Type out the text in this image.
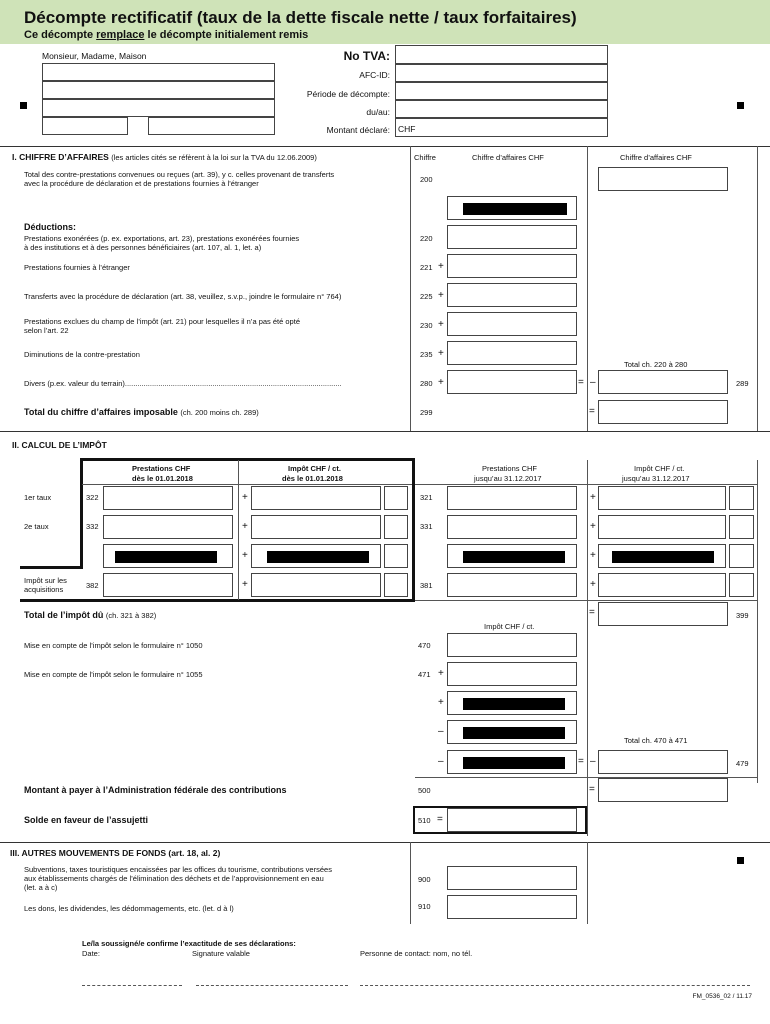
Décompte rectificatif (taux de la dette fiscale nette / taux forfaitaires)
Ce décompte remplace le décompte initialement remis
Monsieur, Madame, Maison	No TVA:
AFC-ID:
Période de décompte:
du/au:
Montant déclaré: CHF
I. CHIFFRE D’AFFAIRES (les articles cités se réfèrent à la loi sur la TVA du 12.06.2009)	Chiffre	Chiffre d’affaires CHF	Chiffre d’affaires CHF
Total des contre-prestations convenues ou reçues (art. 39), y c. celles provenant de transferts
avec la procédure de déclaration et de prestations fournies à l’étranger	200
Déductions:
Prestations exonérées (p. ex. exportations, art. 23), prestations exonérées fournies
à des institutions et à des personnes bénéficiaires (art. 107, al. 1, let. a)
220
Prestations fournies à l’étranger	221 +
Transferts avec la procédure de déclaration (art. 38, veuillez, s.v.p., joindre le formulaire n° 764)	225 +
Prestations exclues du champ de l’impôt (art. 21) pour lesquelles il n’a pas été opté
selon l’art. 22
230 +
Diminutions de la contre-prestation	235 +
Total ch. 220 à 280
Divers (p.ex. valeur du terrain)........................................................................................................	280 +	= –	289
Total du chiffre d’affaires imposable (ch. 200 moins ch. 289)	299	=
II. CALCUL DE L’IMPÔT
Prestations CHF
dès le 01.01.2018
Impôt CHF / ct.
dès le 01.01.2018
Prestations CHF
jusqu’au 31.12.2017
Impôt CHF / ct.
jusqu’au 31.12.2017
1er taux	322	+	321	+
2e taux	332	+	331	+
+	+
Impôt sur les
acquisitions	382	+	381	+
Total de l’impôt dû (ch. 321 à 382)	=	399
Impôt CHF / ct.
Mise en compte de l’impôt selon le formulaire n° 1050	470
Mise en compte de l’impôt selon le formulaire n° 1055	471 +
+
–
Total ch. 470 à 471
–	= –	479
Montant à payer à l’Administration fédérale des contributions	500	=
Solde en faveur de l’assujetti	510 =
III. AUTRES MOUVEMENTS DE FONDS (art. 18, al. 2)
Subventions, taxes touristiques encaissées par les offices du tourisme, contributions versées
aux établissements chargés de l’élimination des déchets et de l’approvisionnement en eau
(let. a à c)
900
Les dons, les dividendes, les dédommagements, etc. (let. d à l)	910
Le/la soussigné/e confirme l’exactitude de ses déclarations:
Date:	Signature valable	Personne de contact: nom, no tél.
FM_0536_02 / 11.17
